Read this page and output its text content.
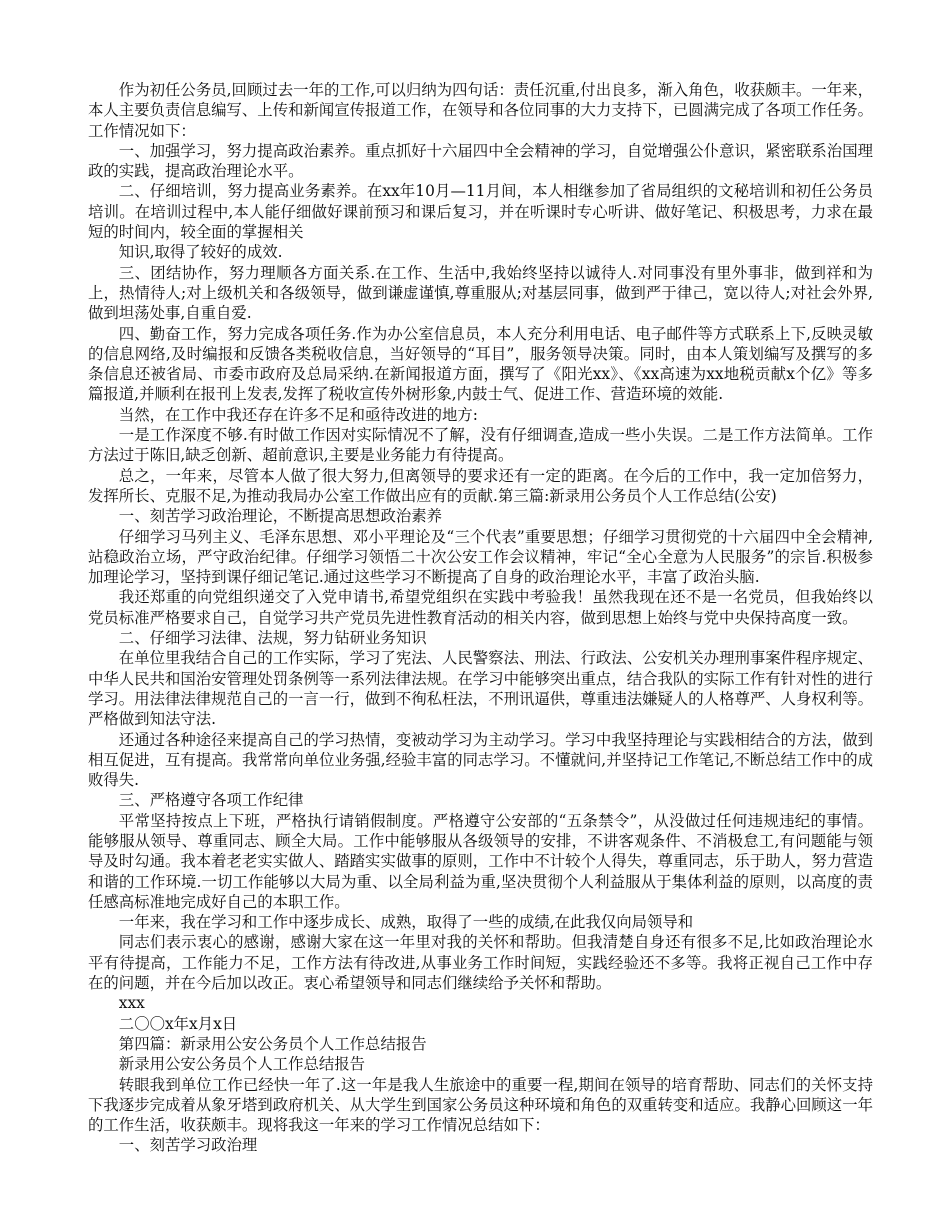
作为初任公务员,回顾过去一年的工作,可以归纳为四句话：责任沉重,付出良多，渐入角色，收获颇丰。一年来，本人主要负责信息编写、上传和新闻宣传报道工作，在领导和各位同事的大力支持下，已圆满完成了各项工作任务。工作情况如下：

一、加强学习，努力提高政治素养。重点抓好十六届四中全会精神的学习，自觉增强公仆意识，紧密联系治国理政的实践，提高政治理论水平。

二、仔细培训，努力提高业务素养。在xx年10月—11月间，本人相继参加了省局组织的文秘培训和初任公务员培训。在培训过程中,本人能仔细做好课前预习和课后复习，并在听课时专心听讲、做好笔记、积极思考，力求在最短的时间内，较全面的掌握相关

知识,取得了较好的成效.

三、团结协作，努力理顺各方面关系.在工作、生活中,我始终坚持以诚待人.对同事没有里外事非，做到祥和为上，热情待人;对上级机关和各级领导，做到谦虚谨慎,尊重服从;对基层同事，做到严于律己，宽以待人;对社会外界,做到坦荡处事,自重自爱.

四、勤奋工作，努力完成各项任务.作为办公室信息员，本人充分利用电话、电子邮件等方式联系上下,反映灵敏的信息网络,及时编报和反馈各类税收信息，当好领导的“耳目”，服务领导决策。同时，由本人策划编写及撰写的多条信息还被省局、市委市政府及总局采纳.在新闻报道方面，撰写了《阳光xx》、《xx高速为xx地税贡献x个亿》等多篇报道,并顺利在报刊上发表,发挥了税收宣传外树形象,内鼓士气、促进工作、营造环境的效能.

当然，在工作中我还存在许多不足和亟待改进的地方:

一是工作深度不够.有时做工作因对实际情况不了解，没有仔细调查,造成一些小失误。二是工作方法简单。工作方法过于陈旧,缺乏创新、超前意识,主要是业务能力有待提高。

总之，一年来，尽管本人做了很大努力,但离领导的要求还有一定的距离。在今后的工作中，我一定加倍努力，发挥所长、克服不足,为推动我局办公室工作做出应有的贡献.第三篇:新录用公务员个人工作总结(公安)

一、刻苦学习政治理论，不断提高思想政治素养

仔细学习马列主义、毛泽东思想、邓小平理论及“三个代表”重要思想；仔细学习贯彻党的十六届四中全会精神,站稳政治立场，严守政治纪律。仔细学习领悟二十次公安工作会议精神，牢记“全心全意为人民服务”的宗旨.积极参加理论学习，坚持到课仔细记笔记.通过这些学习不断提高了自身的政治理论水平，丰富了政治头脑.

我还郑重的向党组织递交了入党申请书,希望党组织在实践中考验我！虽然我现在还不是一名党员，但我始终以党员标准严格要求自己，自觉学习共产党员先进性教育活动的相关内容，做到思想上始终与党中央保持高度一致。

二、仔细学习法律、法规，努力钻研业务知识

在单位里我结合自己的工作实际，学习了宪法、人民警察法、刑法、行政法、公安机关办理刑事案件程序规定、中华人民共和国治安管理处罚条例等一系列法律法规。在学习中能够突出重点，结合我队的实际工作有针对性的进行学习。用法律法律规范自己的一言一行，做到不徇私枉法，不刑讯逼供，尊重违法嫌疑人的人格尊严、人身权利等。严格做到知法守法.

还通过各种途径来提高自己的学习热情，变被动学习为主动学习。学习中我坚持理论与实践相结合的方法，做到相互促进，互有提高。我常常向单位业务强,经验丰富的同志学习。不懂就问,并坚持记工作笔记,不断总结工作中的成败得失.

三、严格遵守各项工作纪律

平常坚持按点上下班，严格执行请销假制度。严格遵守公安部的“五条禁令”，从没做过任何违规违纪的事情。能够服从领导、尊重同志、顾全大局。工作中能够服从各级领导的安排，不讲客观条件、不消极怠工,有问题能与领导及时勾通。我本着老老实实做人、踏踏实实做事的原则，工作中不计较个人得失，尊重同志，乐于助人，努力营造和谐的工作环境.一切工作能够以大局为重、以全局利益为重,坚决贯彻个人利益服从于集体利益的原则，以高度的责任感高标准地完成好自己的本职工作。

一年来，我在学习和工作中逐步成长、成熟，取得了一些的成绩,在此我仅向局领导和

同志们表示衷心的感谢，感谢大家在这一年里对我的关怀和帮助。但我清楚自身还有很多不足,比如政治理论水平有待提高，工作能力不足，工作方法有待改进,从事业务工作时间短，实践经验还不多等。我将正视自己工作中存在的问题，并在今后加以改正。衷心希望领导和同志们继续给予关怀和帮助。

xxx

二〇〇x年x月x日

第四篇：新录用公安公务员个人工作总结报告

新录用公安公务员个人工作总结报告

转眼我到单位工作已经快一年了.这一年是我人生旅途中的重要一程,期间在领导的培育帮助、同志们的关怀支持下我逐步完成着从象牙塔到政府机关、从大学生到国家公务员这种环境和角色的双重转变和适应。我静心回顾这一年的工作生活，收获颇丰。现将我这一年来的学习工作情况总结如下：

一、刻苦学习政治理
